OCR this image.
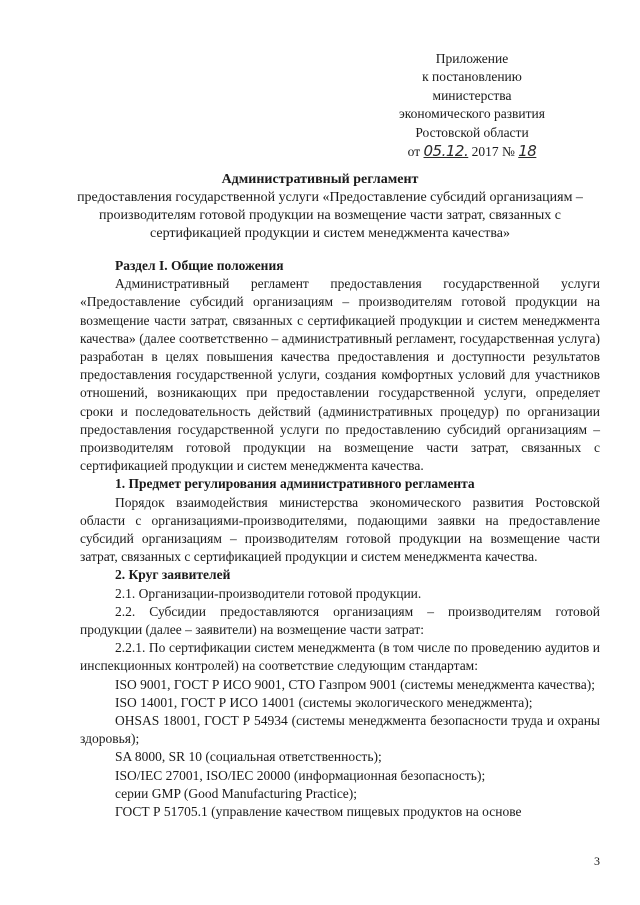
Приложение
к постановлению
министерства
экономического развития
Ростовской области
от 05.12. 2017 № 18
Административный регламент
предоставления государственной услуги «Предоставление субсидий организациям – производителям готовой продукции на возмещение части затрат, связанных с сертификацией продукции и систем менеджмента качества»

Раздел I. Общие положения

Административный регламент предоставления государственной услуги «Предоставление субсидий организациям – производителям готовой продукции на возмещение части затрат, связанных с сертификацией продукции и систем менеджмента качества» (далее соответственно – административный регламент, государственная услуга) разработан в целях повышения качества предоставления и доступности результатов предоставления государственной услуги, создания комфортных условий для участников отношений, возникающих при предоставлении государственной услуги, определяет сроки и последовательность действий (административных процедур) по организации предоставления государственной услуги по предоставлению субсидий организациям – производителям готовой продукции на возмещение части затрат, связанных с сертификацией продукции и систем менеджмента качества.

1. Предмет регулирования административного регламента

Порядок взаимодействия министерства экономического развития Ростовской области с организациями-производителями, подающими заявки на предоставление субсидий организациям – производителям готовой продукции на возмещение части затрат, связанных с сертификацией продукции и систем менеджмента качества.

2. Круг заявителей

2.1. Организации-производители готовой продукции.

2.2. Субсидии предоставляются организациям – производителям готовой продукции (далее – заявители) на возмещение части затрат:

2.2.1. По сертификации систем менеджмента (в том числе по проведению аудитов и инспекционных контролей) на соответствие следующим стандартам:

ISO 9001, ГОСТ Р ИСО 9001, СТО Газпром 9001 (системы менеджмента качества);

ISO 14001, ГОСТ Р ИСО 14001 (системы экологического менеджмента);

OHSAS 18001, ГОСТ Р 54934 (системы менеджмента безопасности труда и охраны здоровья);

SA 8000, SR 10 (социальная ответственность);

ISO/IEC 27001, ISO/IEC 20000 (информационная безопасность);

серии GMP (Good Manufacturing Practice);

ГОСТ Р 51705.1 (управление качеством пищевых продуктов на основе

3
